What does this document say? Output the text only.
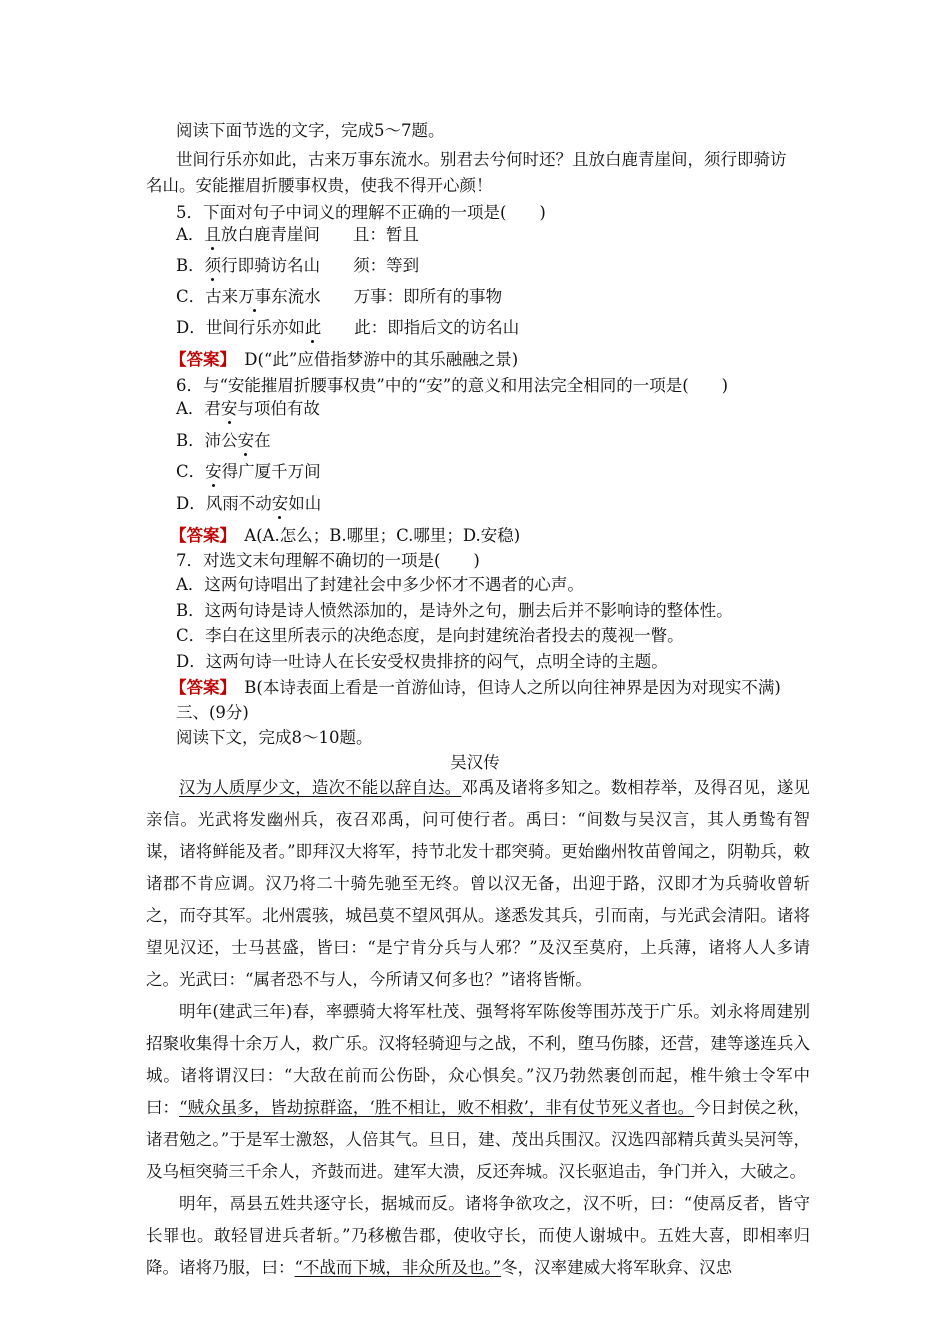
阅读下面节选的文字，完成5～7题。
世间行乐亦如此，古来万事东流水。别君去兮何时还？且放白鹿青崖间，须行即骑访
名山。安能摧眉折腰事权贵，使我不得开心颜！
5．下面对句子中词义的理解不正确的一项是(　　)
A．且放白鹿青崖间　　且：暂且
B．须行即骑访名山　　须：等到
C．古来万事东流水　　万事：即所有的事物
D．世间行乐亦如此　　此：即指后文的访名山
【答案】　D(“此”应借指梦游中的其乐融融之景)
6．与“安能摧眉折腰事权贵”中的“安”的意义和用法完全相同的一项是(　　)
A．君安与项伯有故
B．沛公安在
C．安得广厦千万间
D．风雨不动安如山
【答案】　A(A.怎么；B.哪里；C.哪里；D.安稳)
7．对选文末句理解不确切的一项是(　　)
A．这两句诗唱出了封建社会中多少怀才不遇者的心声。
B．这两句诗是诗人愤然添加的，是诗外之句，删去后并不影响诗的整体性。
C．李白在这里所表示的决绝态度，是向封建统治者投去的蔑视一瞥。
D．这两句诗一吐诗人在长安受权贵排挤的闷气，点明全诗的主题。
【答案】　B(本诗表面上看是一首游仙诗，但诗人之所以向往神界是因为对现实不满)
三、(9分)
阅读下文，完成8～10题。
吴汉传

汉为人质厚少文，造次不能以辞自达。邓禹及诸将多知之。数相荐举，及得召见，遂见亲信。光武将发幽州兵，夜召邓禹，问可使行者。禹曰：“间数与吴汉言，其人勇鸷有智谋，诸将鲜能及者。”即拜汉大将军，持节北发十郡突骑。更始幽州牧苗曾闻之，阴勒兵，敕诸郡不肯应调。汉乃将二十骑先驰至无终。曾以汉无备，出迎于路，汉即才为兵骑收曾斩之，而夺其军。北州震骇，城邑莫不望风弭从。遂悉发其兵，引而南，与光武会清阳。诸将望见汉还，士马甚盛，皆曰：“是宁肯分兵与人邪？”及汉至莫府，上兵薄，诸将人人多请之。光武曰：“属者恐不与人，今所请又何多也？”诸将皆惭。

明年(建武三年)春，率骠骑大将军杜茂、强弩将军陈俊等围苏茂于广乐。刘永将周建别招聚收集得十余万人，救广乐。汉将轻骑迎与之战，不利，堕马伤膝，还营，建等遂连兵入城。诸将谓汉曰：“大敌在前而公伤卧，众心惧矣。”汉乃勃然裹创而起，椎牛飨士令军中曰：“贼众虽多，皆劫掠群盗，‘胜不相让，败不相救’，非有仗节死义者也。今日封侯之秋，诸君勉之。”于是军士激怒，人倍其气。旦日，建、茂出兵围汉。汉选四部精兵黄头吴河等，及乌桓突骑三千余人，齐鼓而进。建军大溃，反还奔城。汉长驱追击，争门并入，大破之。

明年，鬲县五姓共逐守长，据城而反。诸将争欲攻之，汉不听，曰：“使鬲反者，皆守长罪也。敢轻冒进兵者斩。”乃移檄告郡，使收守长，而使人谢城中。五姓大喜，即相率归降。诸将乃服，曰：“不战而下城，非众所及也。”冬，汉率建威大将军耿弇、汉忠
